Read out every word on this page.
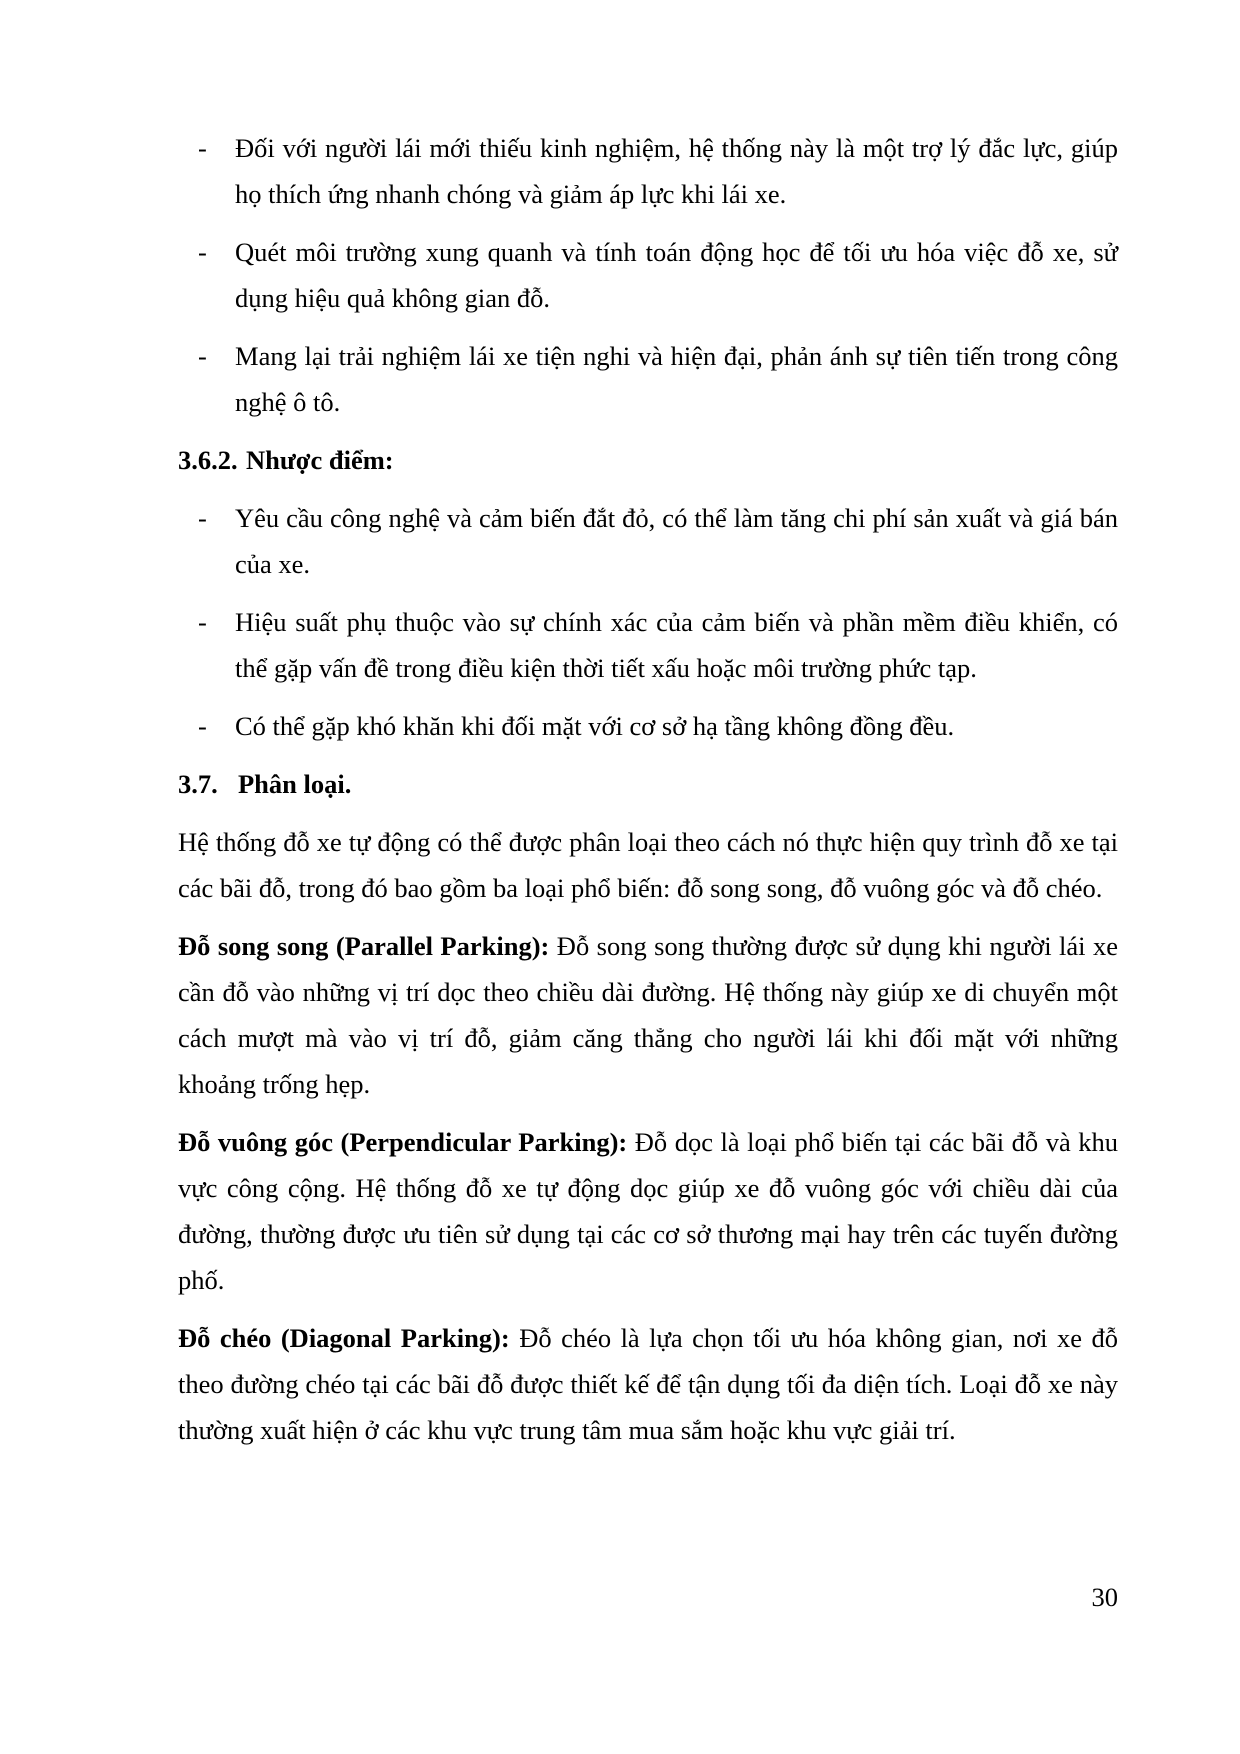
- Đối với người lái mới thiếu kinh nghiệm, hệ thống này là một trợ lý đắc lực, giúp họ thích ứng nhanh chóng và giảm áp lực khi lái xe.
- Quét môi trường xung quanh và tính toán động học để tối ưu hóa việc đỗ xe, sử dụng hiệu quả không gian đỗ.
- Mang lại trải nghiệm lái xe tiện nghi và hiện đại, phản ánh sự tiên tiến trong công nghệ ô tô.
3.6.2. Nhược điểm:
- Yêu cầu công nghệ và cảm biến đắt đỏ, có thể làm tăng chi phí sản xuất và giá bán của xe.
- Hiệu suất phụ thuộc vào sự chính xác của cảm biến và phần mềm điều khiển, có thể gặp vấn đề trong điều kiện thời tiết xấu hoặc môi trường phức tạp.
- Có thể gặp khó khăn khi đối mặt với cơ sở hạ tầng không đồng đều.
3.7. Phân loại.
Hệ thống đỗ xe tự động có thể được phân loại theo cách nó thực hiện quy trình đỗ xe tại các bãi đỗ, trong đó bao gồm ba loại phổ biến: đỗ song song, đỗ vuông góc và đỗ chéo.
Đỗ song song (Parallel Parking): Đỗ song song thường được sử dụng khi người lái xe cần đỗ vào những vị trí dọc theo chiều dài đường. Hệ thống này giúp xe di chuyển một cách mượt mà vào vị trí đỗ, giảm căng thẳng cho người lái khi đối mặt với những khoảng trống hẹp.
Đỗ vuông góc (Perpendicular Parking): Đỗ dọc là loại phổ biến tại các bãi đỗ và khu vực công cộng. Hệ thống đỗ xe tự động dọc giúp xe đỗ vuông góc với chiều dài của đường, thường được ưu tiên sử dụng tại các cơ sở thương mại hay trên các tuyến đường phố.
Đỗ chéo (Diagonal Parking): Đỗ chéo là lựa chọn tối ưu hóa không gian, nơi xe đỗ theo đường chéo tại các bãi đỗ được thiết kế để tận dụng tối đa diện tích. Loại đỗ xe này thường xuất hiện ở các khu vực trung tâm mua sắm hoặc khu vực giải trí.
30
